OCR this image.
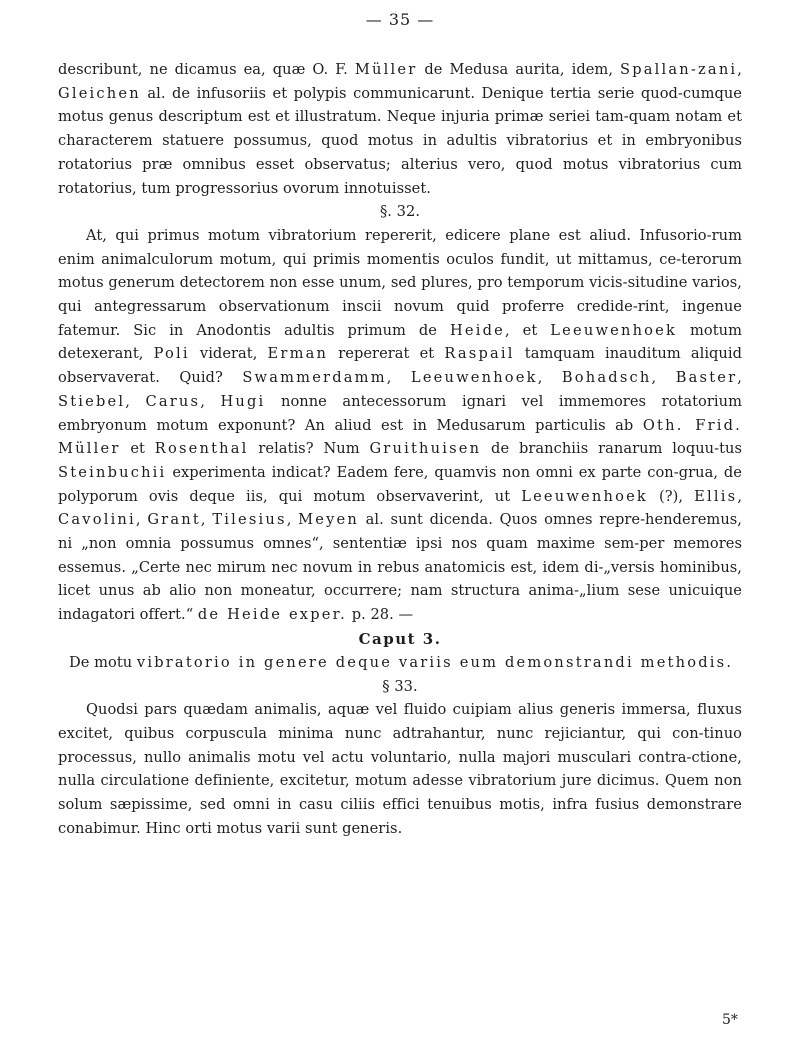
— 35 —

describunt, ne dicamus ea, quæ O. F. Müller de Medusa aurita, idem, Spallan-zani, Gleichen al. de infusoriis et polypis communicarunt. Denique tertia serie quod-cumque motus genus descriptum est et illustratum. Neque injuria primæ seriei tam-quam notam et characterem statuere possumus, quod motus in adultis vibratorius et in embryonibus rotatorius præ omnibus esset observatus; alterius vero, quod motus vibratorius cum rotatorius, tum progressorius ovorum innotuisset.

§. 32.

At, qui primus motum vibratorium repererit, edicere plane est aliud. Infusorio-rum enim animalculorum motum, qui primis momentis oculos fundit, ut mittamus, ce-terorum motus generum detectorem non esse unum, sed plures, pro temporum vicis-situdine varios, qui antegressarum observationum inscii novum quid proferre credide-rint, ingenue fatemur. Sic in Anodontis adultis primum de Heide, et Leeuwenhoek motum detexerant, Poli viderat, Erman repererat et Raspail tamquam inauditum aliquid observaverat. Quid? Swammerdamm, Leeuwenhoek, Bohadsch, Baster, Stiebel, Carus, Hugi nonne antecessorum ignari vel immemores rotatorium embryonum motum exponunt? An aliud est in Medusarum particulis ab Oth. Frid. Müller et Rosenthal relatis? Num Gruithuisen de branchiis ranarum loquu-tus Steinbuchii experimenta indicat? Eadem fere, quamvis non omni ex parte con-grua, de polyporum ovis deque iis, qui motum observaverint, ut Leeuwenhoek (?), Ellis, Cavolini, Grant, Tilesius, Meyen al. sunt dicenda. Quos omnes repre-henderemus, ni „non omnia possumus omnes“, sententiæ ipsi nos quam maxime sem-per memores essemus. „Certe nec mirum nec novum in rebus anatomicis est, idem di-„versis hominibus, licet unus ab alio non moneatur, occurrere; nam structura anima-„lium sese unicuique indagatori offert.“ de Heide exper. p. 28. —

Caput 3.

De motu vibratorio in genere deque variis eum demonstrandi methodis.

§ 33.

Quodsi pars quædam animalis, aquæ vel fluido cuipiam alius generis immersa, fluxus excitet, quibus corpuscula minima nunc adtrahantur, nunc rejiciantur, qui con-tinuo processus, nullo animalis motu vel actu voluntario, nulla majori musculari contra-ctione, nulla circulatione definiente, excitetur, motum adesse vibratorium jure dicimus. Quem non solum sæpissime, sed omni in casu ciliis effici tenuibus motis, infra fusius demonstrare conabimur. Hinc orti motus varii sunt generis.

5*
